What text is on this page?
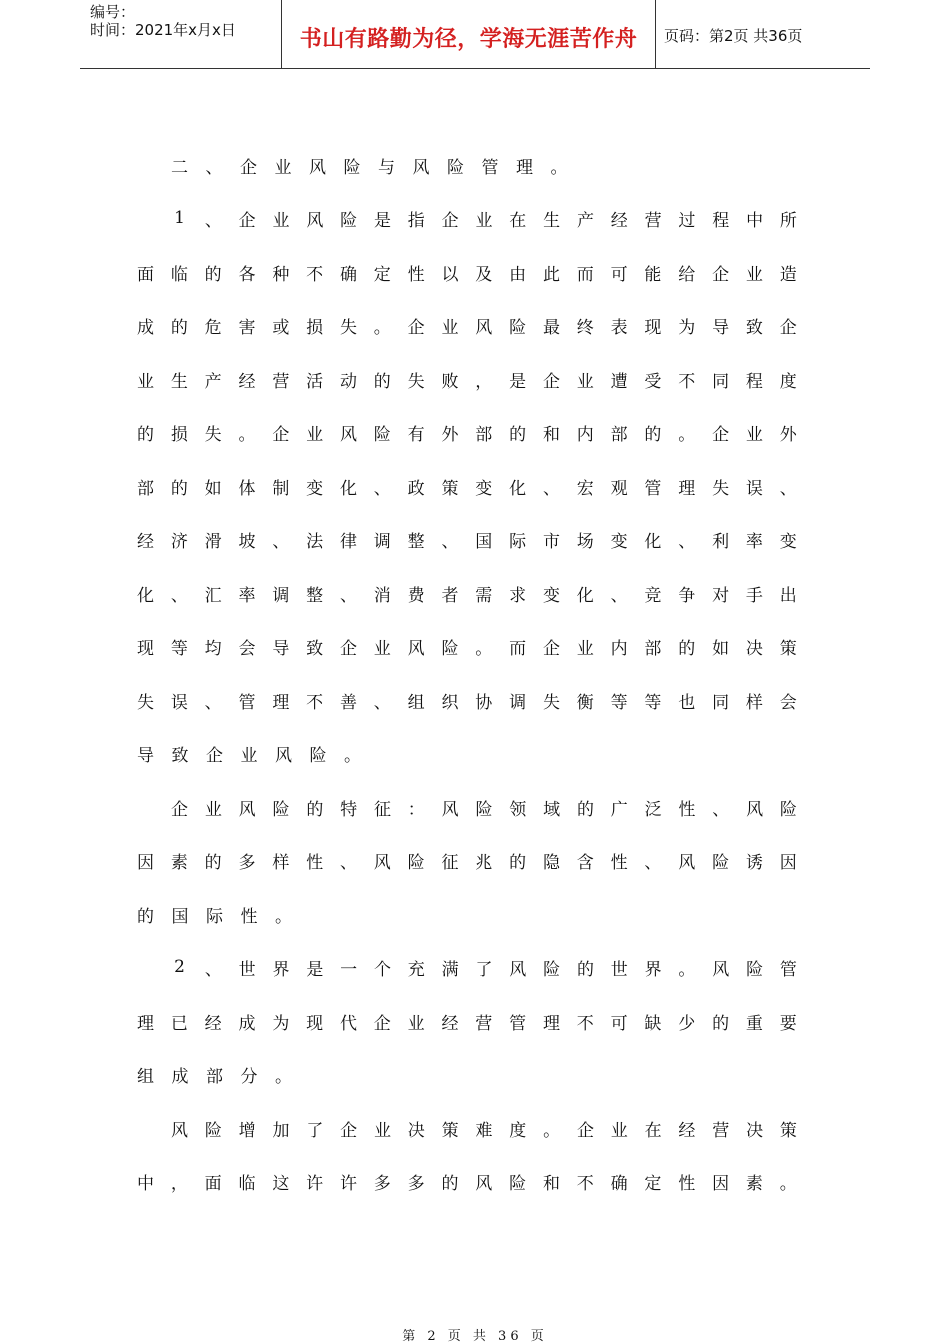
编号：
时间：2021年x月x日	书山有路勤为径，学海无涯苦作舟	页码：第2页 共36页
二 、 企 业 风 险 与 风 险 管 理 。
1 、 企 业 风 险 是 指 企 业 在 生 产 经 营 过 程 中 所
面 临 的 各 种 不 确 定 性 以 及 由 此 而 可 能 给 企 业 造
成 的 危 害 或 损 失 。 企 业 风 险 最 终 表 现 为 导 致 企
业 生 产 经 营 活 动 的 失 败 ， 是 企 业 遭 受 不 同 程 度
的 损 失 。 企 业 风 险 有 外 部 的 和 内 部 的 。 企 业 外
部 的 如 体 制 变 化 、 政 策 变 化 、 宏 观 管 理 失 误 、
经 济 滑 坡 、 法 律 调 整 、 国 际 市 场 变 化 、 利 率 变
化 、 汇 率 调 整 、 消 费 者 需 求 变 化 、 竞 争 对 手 出
现 等 均 会 导 致 企 业 风 险 。 而 企 业 内 部 的 如 决 策
失 误 、 管 理 不 善 、 组 织 协 调 失 衡 等 等 也 同 样 会
导 致 企 业 风 险 。
企 业 风 险 的 特 征 ： 风 险 领 域 的 广 泛 性 、 风 险
因 素 的 多 样 性 、 风 险 征 兆 的 隐 含 性 、 风 险 诱 因
的 国 际 性 。
2 、 世 界 是 一 个 充 满 了 风 险 的 世 界 。 风 险 管
理 已 经 成 为 现 代 企 业 经 营 管 理 不 可 缺 少 的 重 要
组 成 部 分 。
风 险 增 加 了 企 业 决 策 难 度 。 企 业 在 经 营 决 策
中 ， 面 临 这 许 许 多 多 的 风 险 和 不 确 定 性 因 素 。
第 2 页 共 36 页
